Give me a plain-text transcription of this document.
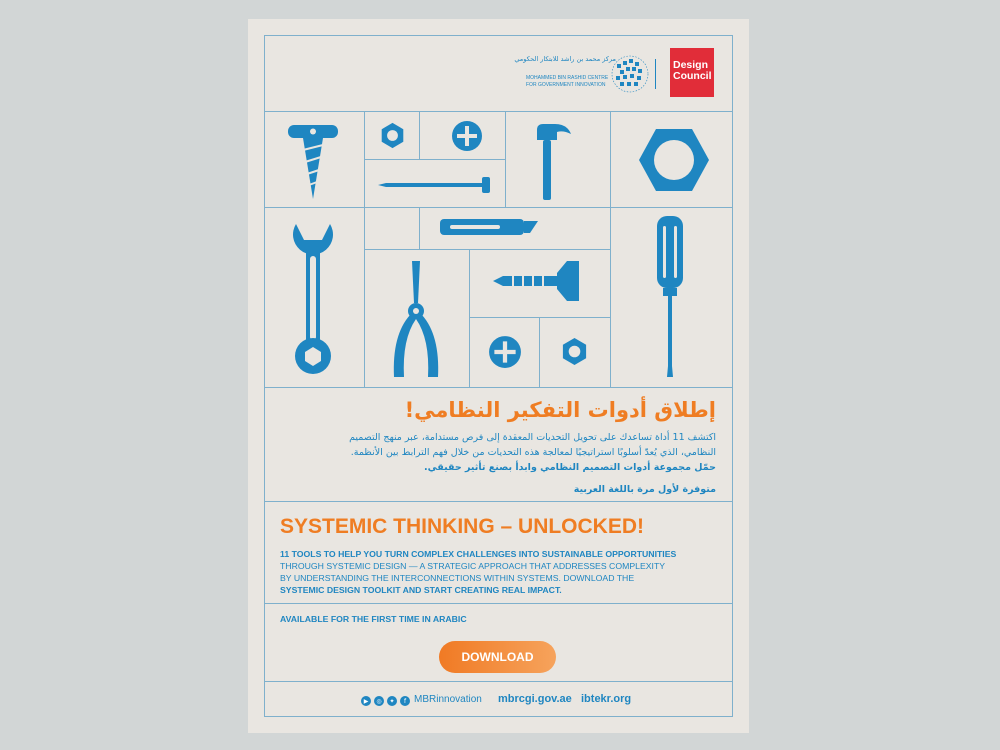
مركز محمد بن راشد للابتكار الحكومي
MOHAMMED BIN RASHID CENTRE
FOR GOVERNMENT INNOVATION
Design
Council
إطلاق أدوات التفكير النظامي!
اكتشف 11 أداة تساعدك على تحويل التحديات المعقدة إلى فرص مستدامة، عبر منهج التصميم
النظامي، الذي يُعدّ أسلوبًا استراتيجيًا لمعالجة هذه التحديات من خلال فهم الترابط بين الأنظمة.
حمّل مجموعة أدوات التصميم النظامي وابدأ بصنع تأثير حقيقي.
متوفرة لأول مرة باللغة العربية
SYSTEMIC THINKING – UNLOCKED!
11 TOOLS TO HELP YOU TURN COMPLEX CHALLENGES INTO SUSTAINABLE OPPORTUNITIES
THROUGH SYSTEMIC DESIGN — A STRATEGIC APPROACH THAT ADDRESSES COMPLEXITY
BY UNDERSTANDING THE INTERCONNECTIONS WITHIN SYSTEMS. DOWNLOAD THE
SYSTEMIC DESIGN TOOLKIT AND START CREATING REAL IMPACT.
AVAILABLE FOR THE FIRST TIME IN ARABIC
DOWNLOAD
▶	◎	✦	f MBRinnovation mbrcgi.gov.ae ibtekr.org
